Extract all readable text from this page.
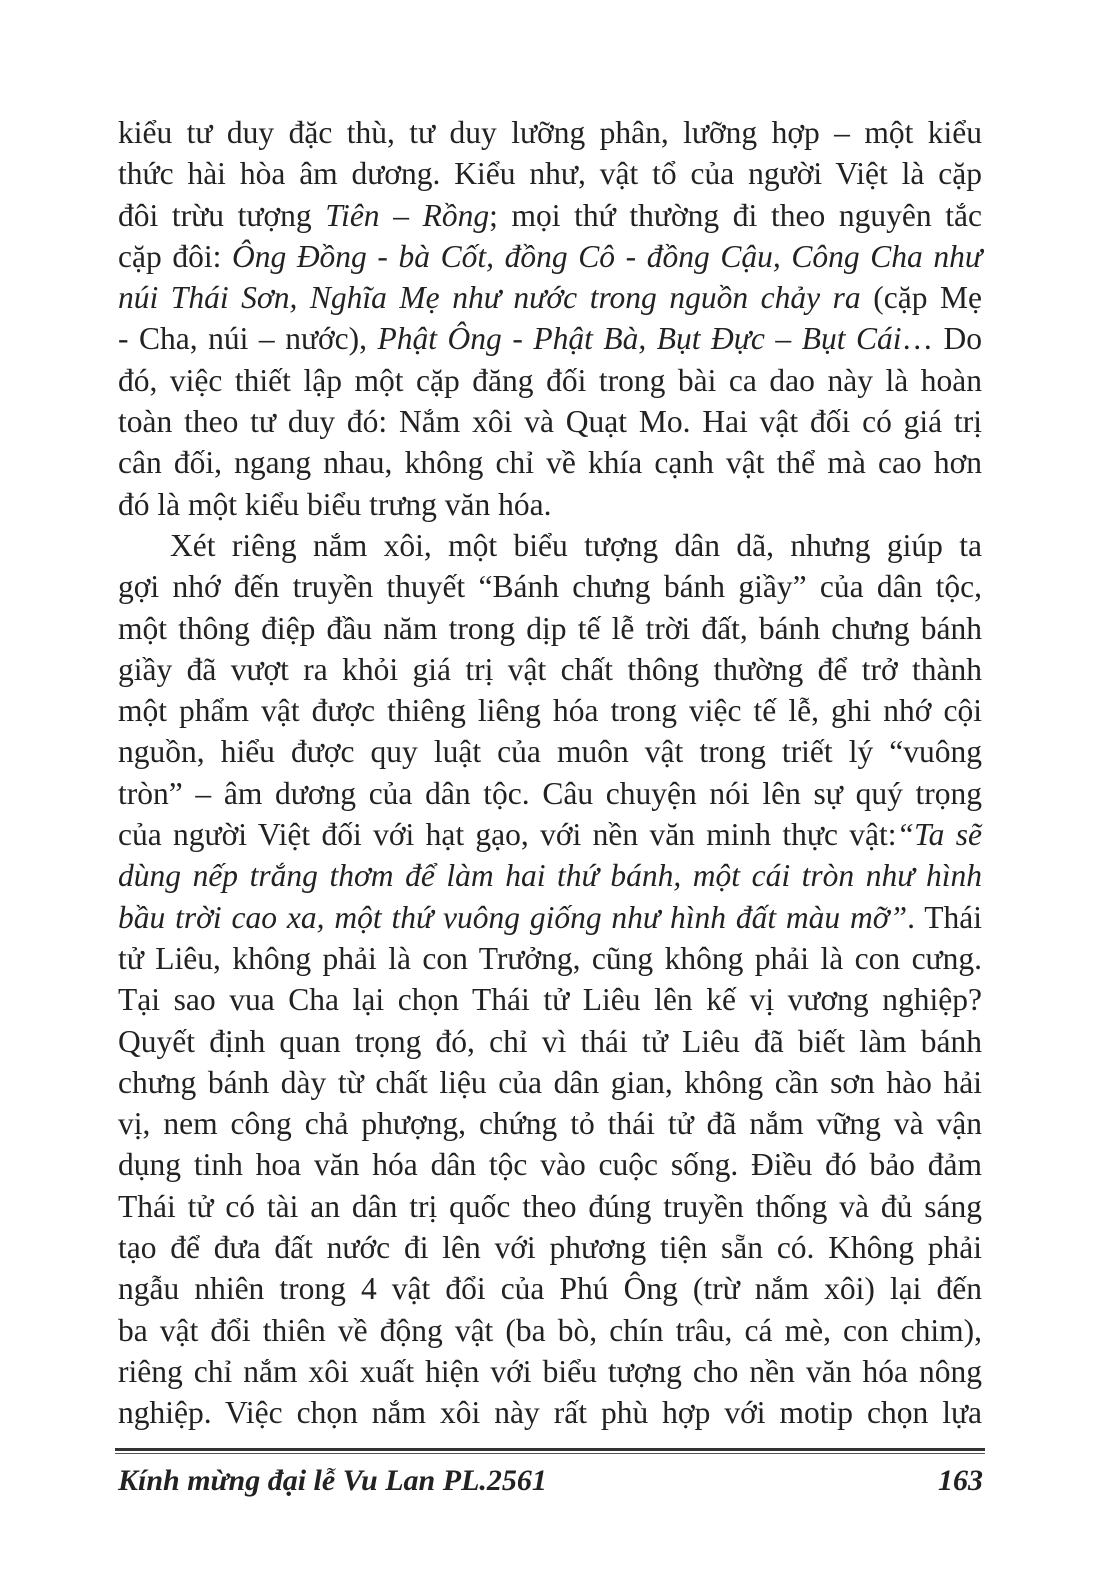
kiểu tư duy đặc thù, tư duy lưỡng phân, lưỡng hợp – một kiểu
thức hài hòa âm dương. Kiểu như, vật tổ của người Việt là cặp
đôi trừu tượng Tiên – Rồng; mọi thứ thường đi theo nguyên tắc
cặp đôi: Ông Đồng - bà Cốt, đồng Cô - đồng Cậu, Công Cha như
núi Thái Sơn, Nghĩa Mẹ như nước trong nguồn chảy ra (cặp Mẹ
- Cha, núi – nước), Phật Ông - Phật Bà, Bụt Đực – Bụt Cái… Do
đó, việc thiết lập một cặp đăng đối trong bài ca dao này là hoàn
toàn theo tư duy đó: Nắm xôi và Quạt Mo. Hai vật đối có giá trị
cân đối, ngang nhau, không chỉ về khía cạnh vật thể mà cao hơn
đó là một kiểu biểu trưng văn hóa.
Xét riêng nắm xôi, một biểu tượng dân dã, nhưng giúp ta
gợi nhớ đến truyền thuyết “Bánh chưng bánh giầy” của dân tộc,
một thông điệp đầu năm trong dịp tế lễ trời đất, bánh chưng bánh
giầy đã vượt ra khỏi giá trị vật chất thông thường để trở thành
một phẩm vật được thiêng liêng hóa trong việc tế lễ, ghi nhớ cội
nguồn, hiểu được quy luật của muôn vật trong triết lý “vuông
tròn” – âm dương của dân tộc. Câu chuyện nói lên sự quý trọng
của người Việt đối với hạt gạo, với nền văn minh thực vật:“Ta sẽ
dùng nếp trắng thơm để làm hai thứ bánh, một cái tròn như hình
bầu trời cao xa, một thứ vuông giống như hình đất màu mỡ”. Thái
tử Liêu, không phải là con Trưởng, cũng không phải là con cưng.
Tại sao vua Cha lại chọn Thái tử Liêu lên kế vị vương nghiệp?
Quyết định quan trọng đó, chỉ vì thái tử Liêu đã biết làm bánh
chưng bánh dày từ chất liệu của dân gian, không cần sơn hào hải
vị, nem công chả phượng, chứng tỏ thái tử đã nắm vững và vận
dụng tinh hoa văn hóa dân tộc vào cuộc sống. Điều đó bảo đảm
Thái tử có tài an dân trị quốc theo đúng truyền thống và đủ sáng
tạo để đưa đất nước đi lên với phương tiện sẵn có. Không phải
ngẫu nhiên trong 4 vật đổi của Phú Ông (trừ nắm xôi) lại đến
ba vật đổi thiên về động vật (ba bò, chín trâu, cá mè, con chim),
riêng chỉ nắm xôi xuất hiện với biểu tượng cho nền văn hóa nông
nghiệp. Việc chọn nắm xôi này rất phù hợp với motip chọn lựa
Kính mừng đại lễ Vu Lan PL.2561	163
